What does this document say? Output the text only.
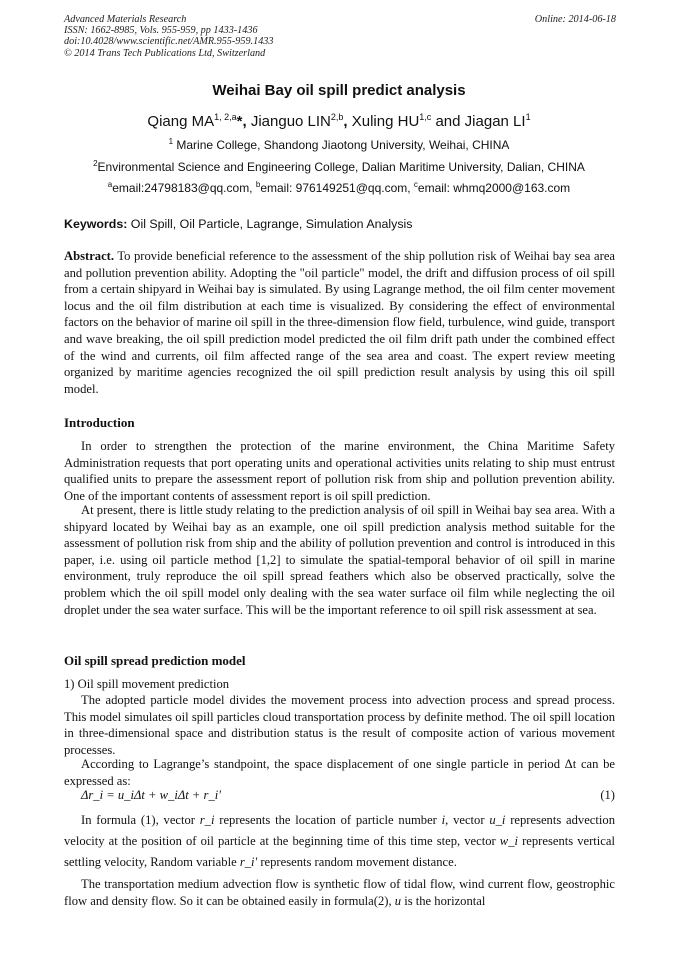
Advanced Materials Research
ISSN: 1662-8985, Vols. 955-959, pp 1433-1436
doi:10.4028/www.scientific.net/AMR.955-959.1433
© 2014 Trans Tech Publications Ltd, Switzerland
Online: 2014-06-18
Weihai Bay oil spill predict analysis
Qiang MA$^{1, 2,a}$*, Jianguo LIN$^{2,b}$, Xuling HU$^{1,c}$ and Jiagan $LI^1$
$^1$ Marine College, Shandong Jiaotong University, Weihai, CHINA
$^2$Environmental Science and Engineering College, Dalian Maritime University, Dalian, CHINA
$^a$email:24798183@qq.com, $^b$email: 976149251@qq.com, $^c$email: whmq2000@163.com
Keywords: Oil Spill, Oil Particle, Lagrange, Simulation Analysis

Abstract. To provide beneficial reference to the assessment of the ship pollution risk of Weihai bay sea area and pollution prevention ability. Adopting the "oil particle" model, the drift and diffusion process of oil spill from a certain shipyard in Weihai bay is simulated. By using Lagrange method, the oil film center movement locus and the oil film distribution at each time is visualized. By considering the effect of environmental factors on the behavior of marine oil spill in the three-dimension flow field, turbulence, wind guide, transport and wave breaking, the oil spill prediction model predicted the oil film drift path under the combined effect of the wind and currents, oil film affected range of the sea area and coast. The expert review meeting organized by maritime agencies recognized the oil spill prediction result analysis by using this oil spill model.

Introduction

In order to strengthen the protection of the marine environment, the China Maritime Safety Administration requests that port operating units and operational activities units relating to ship must entrust qualified units to prepare the assessment report of pollution risk from ship and pollution prevention ability. One of the important contents of assessment report is oil spill prediction.

At present, there is little study relating to the prediction analysis of oil spill in Weihai bay sea area. With a shipyard located by Weihai bay as an example, one oil spill prediction analysis method suitable for the assessment of pollution risk from ship and the ability of pollution prevention and control is introduced in this paper, i.e. using oil particle method [1,2] to simulate the spatial-temporal behavior of oil spill in marine environment, truly reproduce the oil spill spread feathers which also be observed practically, solve the problem which the oil spill model only dealing with the sea water surface oil film while neglecting the oil droplet under the sea water surface. This will be the important reference to oil spill risk assessment at sea.

Oil spill spread prediction model

1) Oil spill movement prediction

The adopted particle model divides the movement process into advection process and spread process. This model simulates oil spill particles cloud transportation process by definite method. The oil spill location in three-dimensional space and distribution status is the result of composite action of various movement processes.

According to Lagrange’s standpoint, the space displacement of one single particle in period Δt can be expressed as:

Δr_i = u_iΔt + w_iΔt + r_i'	(1)

In formula (1), vector r_i represents the location of particle number i, vector u_i represents advection velocity at the position of oil particle at the beginning time of this time step, vector w_i represents vertical settling velocity, Random variable r_i' represents random movement distance.

The transportation medium advection flow is synthetic flow of tidal flow, wind current flow, geostrophic flow and density flow. So it can be obtained easily in formula(2), u is the horizontal
